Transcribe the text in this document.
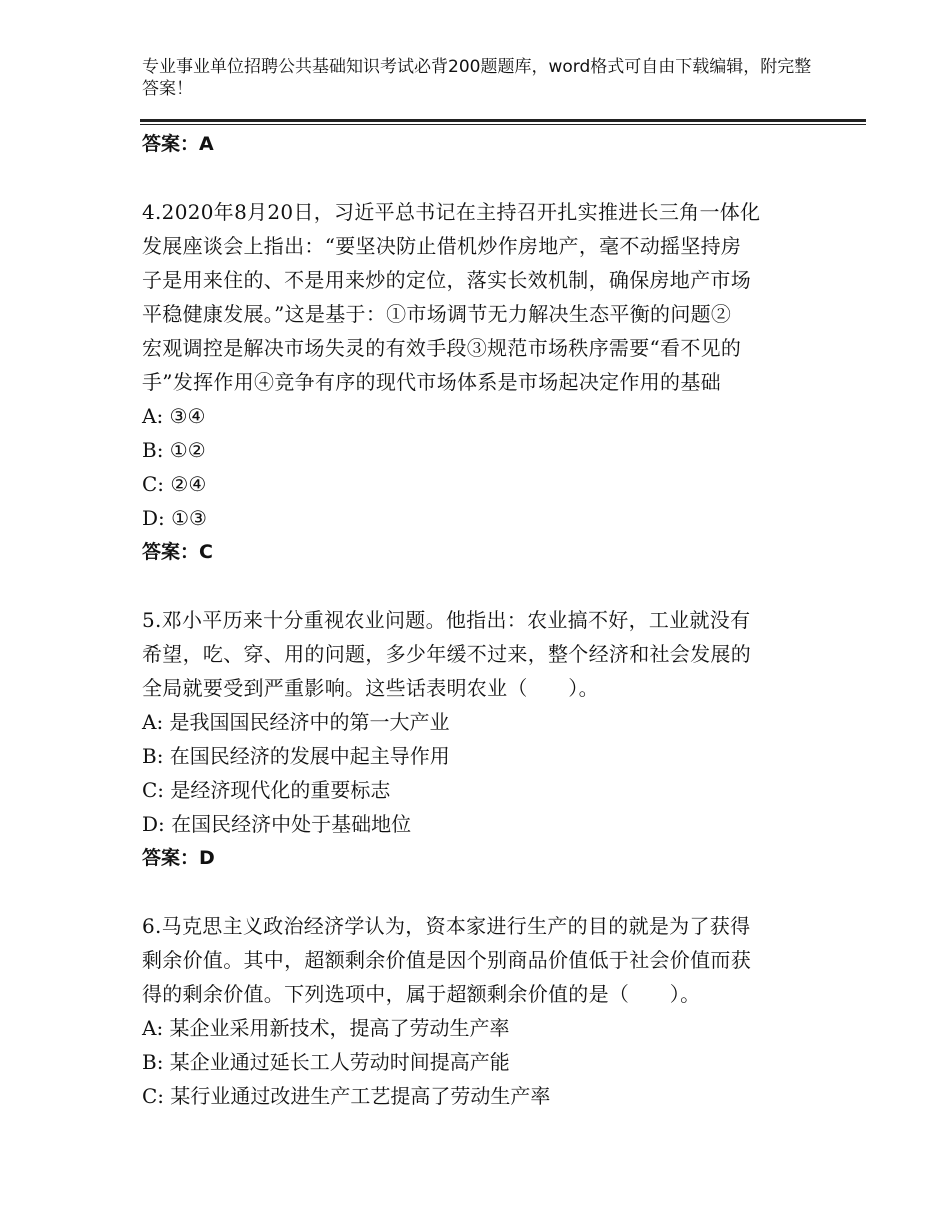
专业事业单位招聘公共基础知识考试必背200题题库，word格式可自由下载编辑，附完整答案！
答案：A
4.2020年8月20日，习近平总书记在主持召开扎实推进长三角一体化
发展座谈会上指出：“要坚决防止借机炒作房地产，毫不动摇坚持房
子是用来住的、不是用来炒的定位，落实长效机制，确保房地产市场
平稳健康发展。”这是基于：①市场调节无力解决生态平衡的问题②
宏观调控是解决市场失灵的有效手段③规范市场秩序需要“看不见的
手”发挥作用④竞争有序的现代市场体系是市场起决定作用的基础
A: ③④
B: ①②
C: ②④
D: ①③
答案：C
5.邓小平历来十分重视农业问题。他指出：农业搞不好，工业就没有
希望，吃、穿、用的问题，多少年缓不过来，整个经济和社会发展的
全局就要受到严重影响。这些话表明农业（　　）。
A: 是我国国民经济中的第一大产业
B: 在国民经济的发展中起主导作用
C: 是经济现代化的重要标志
D: 在国民经济中处于基础地位
答案：D
6.马克思主义政治经济学认为，资本家进行生产的目的就是为了获得
剩余价值。其中，超额剩余价值是因个别商品价值低于社会价值而获
得的剩余价值。下列选项中，属于超额剩余价值的是（　　）。
A: 某企业采用新技术，提高了劳动生产率
B: 某企业通过延长工人劳动时间提高产能
C: 某行业通过改进生产工艺提高了劳动生产率
